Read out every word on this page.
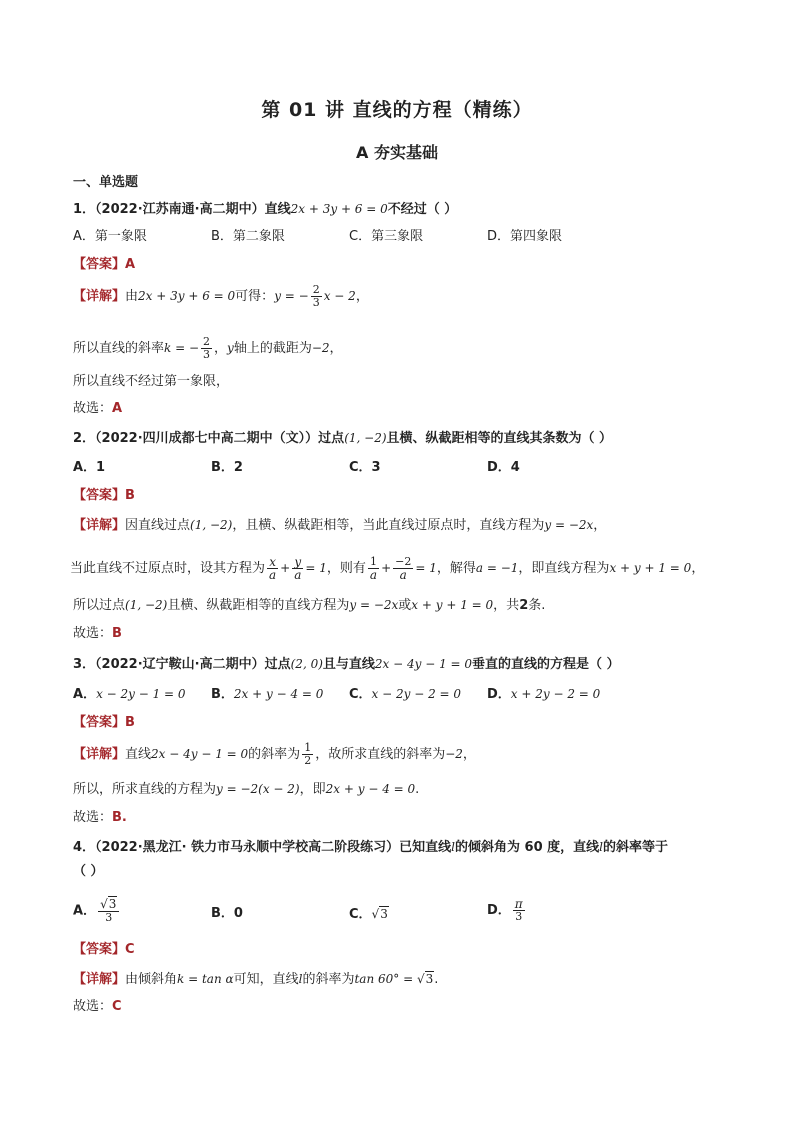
第 01 讲 直线的方程（精练）
A 夯实基础
一、单选题
1．（2022·江苏南通·高二期中）直线2x + 3y + 6 = 0不经过（ ）
A．第一象限	B．第二象限	C．第三象限	D．第四象限
【答案】A
【详解】由2x + 3y + 6 = 0可得：y = − $\frac{2}{3}$ x − 2，
所以直线的斜率k = − $\frac{2}{3}$ ，y轴上的截距为−2，
所以直线不经过第一象限，
故选：A
2．（2022·四川成都七中高二期中（文））过点(1, −2)且横、纵截距相等的直线其条数为（ ）
A．1	B．2	C．3	D．4
【答案】B
【详解】因直线过点(1, −2)，且横、纵截距相等，当此直线过原点时，直线方程为y = −2x，
当此直线不过原点时，设其方程为 $\frac{x}{a} + \frac{y}{a} = 1$，则有 $\frac{1}{a} + \frac{-2}{a} = 1$，解得a = −1，即直线方程为x + y + 1 = 0，
所以过点(1, −2)且横、纵截距相等的直线方程为y = −2x或x + y + 1 = 0，共2条.
故选：B
3．（2022·辽宁鞍山·高二期中）过点(2, 0)且与直线2x − 4y − 1 = 0垂直的直线的方程是（ ）
A．x − 2y − 1 = 0 B．2x + y − 4 = 0 C．x − 2y − 2 = 0 D．x + 2y − 2 = 0
【答案】B
【详解】直线2x − 4y − 1 = 0的斜率为 $\frac{1}{2}$ ，故所求直线的斜率为−2，
所以，所求直线的方程为y = −2(x − 2)，即2x + y − 4 = 0.
故选：B.
4．（2022·黑龙江· 铁力市马永顺中学校高二阶段练习）已知直线l的倾斜角为 60 度，直线l的斜率等于
（ ）
A． $\frac{√3}{3}$	B．0	C．√3	D． $\frac{\pi}{3}$
【答案】C
【详解】由倾斜角k = tan α可知，直线l的斜率为tan 60° = √3.
故选：C
